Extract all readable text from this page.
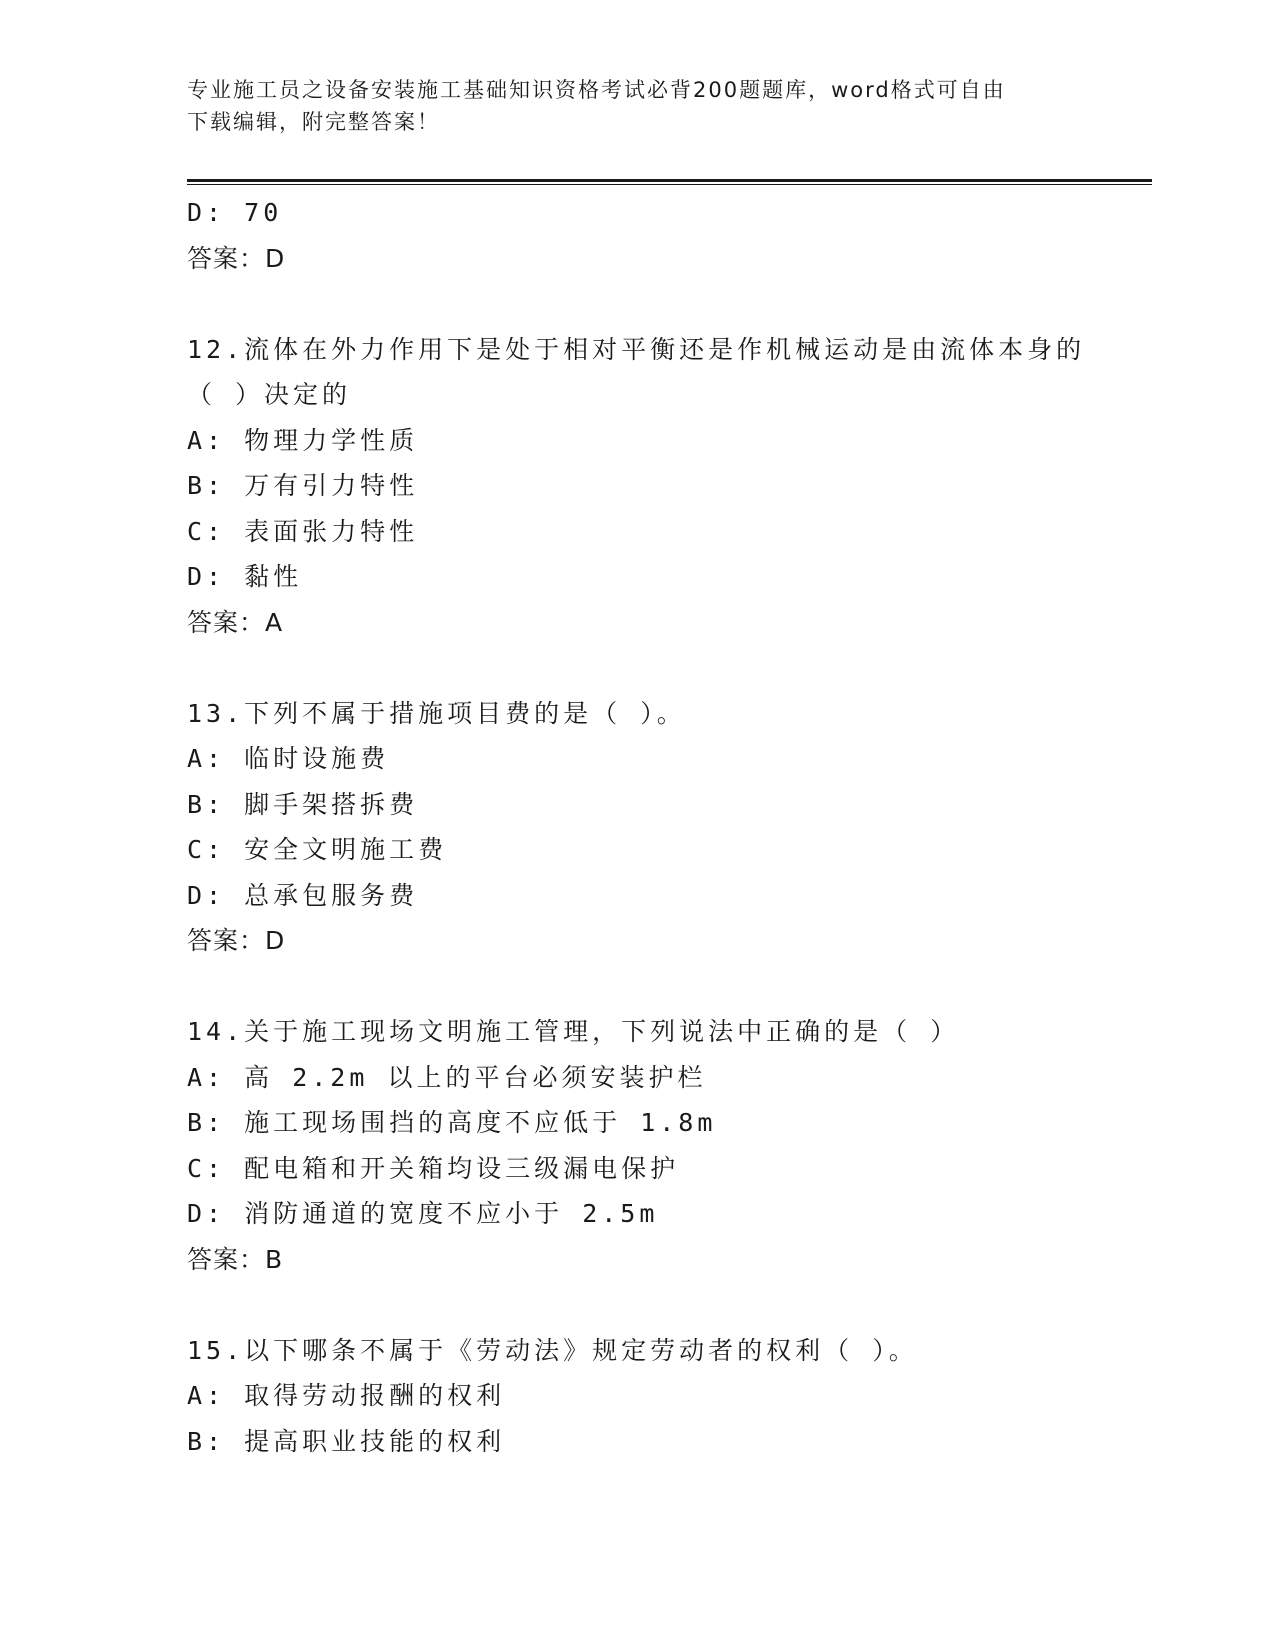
专业施工员之设备安装施工基础知识资格考试必背200题题库，word格式可自由
下载编辑，附完整答案！
D: 70
答案：D
12.流体在外力作用下是处于相对平衡还是作机械运动是由流体本身的
（ ）决定的
A: 物理力学性质
B: 万有引力特性
C: 表面张力特性
D: 黏性
答案：A
13.下列不属于措施项目费的是（ ）。
A: 临时设施费
B: 脚手架搭拆费
C: 安全文明施工费
D: 总承包服务费
答案：D
14.关于施工现场文明施工管理，下列说法中正确的是（ ）
A: 高 2.2m 以上的平台必须安装护栏
B: 施工现场围挡的高度不应低于 1.8m
C: 配电箱和开关箱均设三级漏电保护
D: 消防通道的宽度不应小于 2.5m
答案：B
15.以下哪条不属于《劳动法》规定劳动者的权利（ ）。
A: 取得劳动报酬的权利
B: 提高职业技能的权利
